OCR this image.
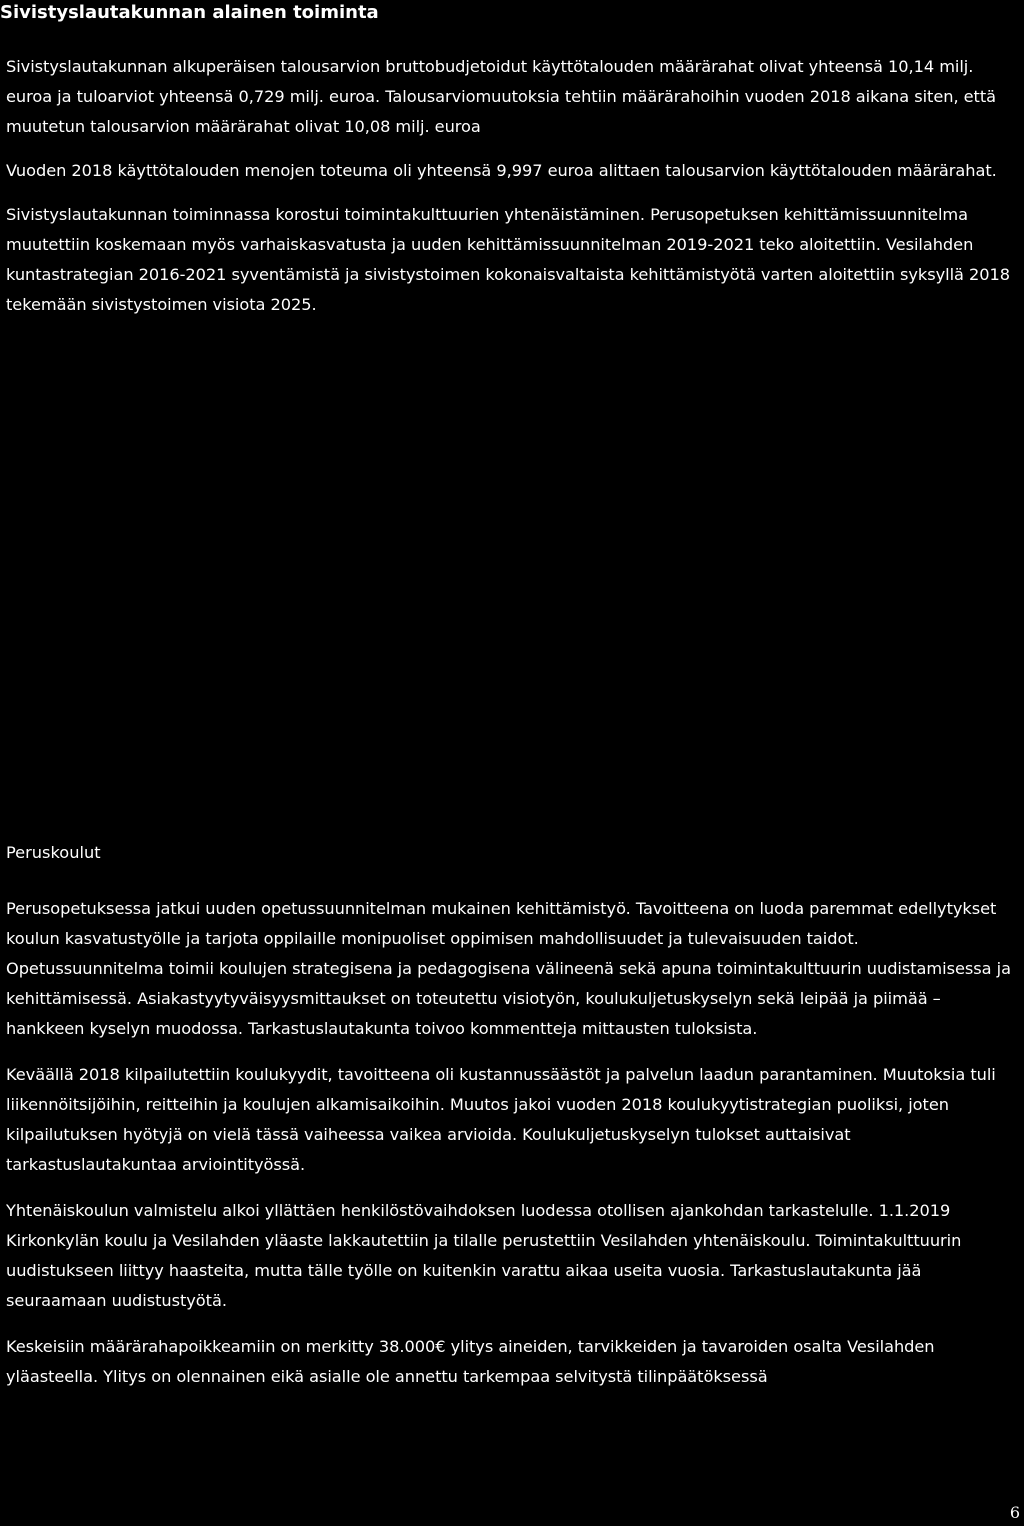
Sivistyslautakunnan alainen toiminta

Sivistyslautakunnan alkuperäisen talousarvion bruttobudjetoidut käyttötalouden määrärahat olivat yhteensä 10,14 milj. euroa ja tuloarviot yhteensä 0,729 milj. euroa. Talousarviomuutoksia tehtiin määrärahoihin vuoden 2018 aikana siten, että muutetun talousarvion määrärahat olivat 10,08 milj. euroa

Vuoden 2018 käyttötalouden menojen toteuma oli yhteensä 9,997 euroa alittaen talousarvion käyttötalouden määrärahat.

Sivistyslautakunnan toiminnassa korostui toimintakulttuurien yhtenäistäminen. Perusopetuksen kehittämissuunnitelma muutettiin koskemaan myös varhaiskasvatusta ja uuden kehittämissuunnitelman 2019-2021 teko aloitettiin. Vesilahden kuntastrategian 2016-2021 syventämistä ja sivistystoimen kokonaisvaltaista kehittämistyötä varten aloitettiin syksyllä 2018 tekemään sivistystoimen visiota 2025.

Peruskoulut

Perusopetuksessa jatkui uuden opetussuunnitelman mukainen kehittämistyö. Tavoitteena on luoda paremmat edellytykset koulun kasvatustyölle ja tarjota oppilaille monipuoliset oppimisen mahdollisuudet ja tulevaisuuden taidot. Opetussuunnitelma toimii koulujen strategisena ja pedagogisena välineenä sekä apuna toimintakulttuurin uudistamisessa ja kehittämisessä. Asiakastyytyväisyysmittaukset on toteutettu visiotyön, koulukuljetuskyselyn sekä leipää ja piimää –hankkeen kyselyn muodossa. Tarkastuslautakunta toivoo kommentteja mittausten tuloksista.

Keväällä 2018 kilpailutettiin koulukyydit, tavoitteena oli kustannussäästöt ja palvelun laadun parantaminen. Muutoksia tuli liikennöitsijöihin, reitteihin ja koulujen alkamisaikoihin. Muutos jakoi vuoden 2018 koulukyytistrategian puoliksi, joten kilpailutuksen hyötyjä on vielä tässä vaiheessa vaikea arvioida. Koulukuljetuskyselyn tulokset auttaisivat tarkastuslautakuntaa arviointityössä.

Yhtenäiskoulun valmistelu alkoi yllättäen henkilöstövaihdoksen luodessa otollisen ajankohdan tarkastelulle. 1.1.2019 Kirkonkylän koulu ja Vesilahden yläaste lakkautettiin ja tilalle perustettiin Vesilahden yhtenäiskoulu. Toimintakulttuurin uudistukseen liittyy haasteita, mutta tälle työlle on kuitenkin varattu aikaa useita vuosia. Tarkastuslautakunta jää seuraamaan uudistustyötä.

Keskeisiin määrärahapoikkeamiin on merkitty 38.000€ ylitys aineiden, tarvikkeiden ja tavaroiden osalta Vesilahden yläasteella. Ylitys on olennainen eikä asialle ole annettu tarkempaa selvitystä tilinpäätöksessä

6
